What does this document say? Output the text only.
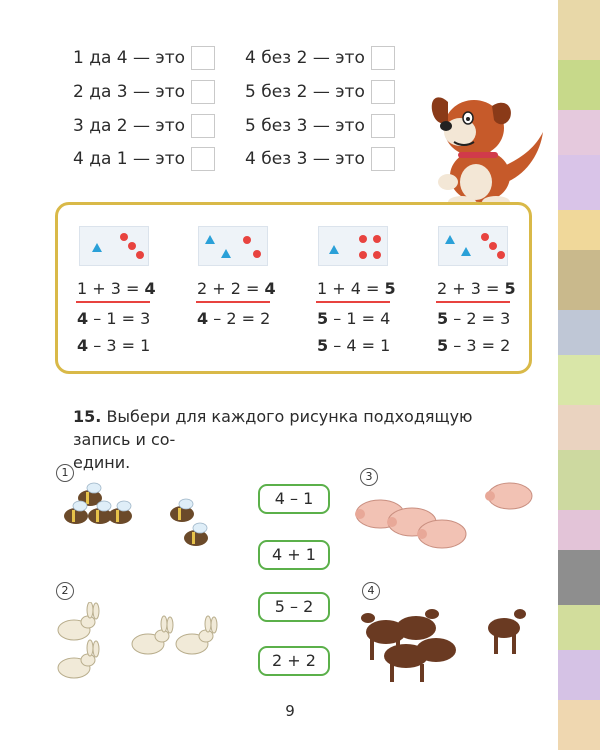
1 да 4 — это
2 да 3 — это
3 да 2 — это
4 да 1 — это
4 без 2 — это
5 без 2 — это
5 без 3 — это
4 без 3 — это
1 + 3 = 4
4 – 1 = 3
4 – 3 = 1
2 + 2 = 4
4 – 2 = 2
1 + 4 = 5
5 – 1 = 4
5 – 4 = 1
2 + 3 = 5
5 – 2 = 3
5 – 3 = 2
15. Выбери для каждого рисунка подходящую запись и со-
едини.
1
2
4 – 1
4 + 1
5 – 2
2 + 2
3
4
9
